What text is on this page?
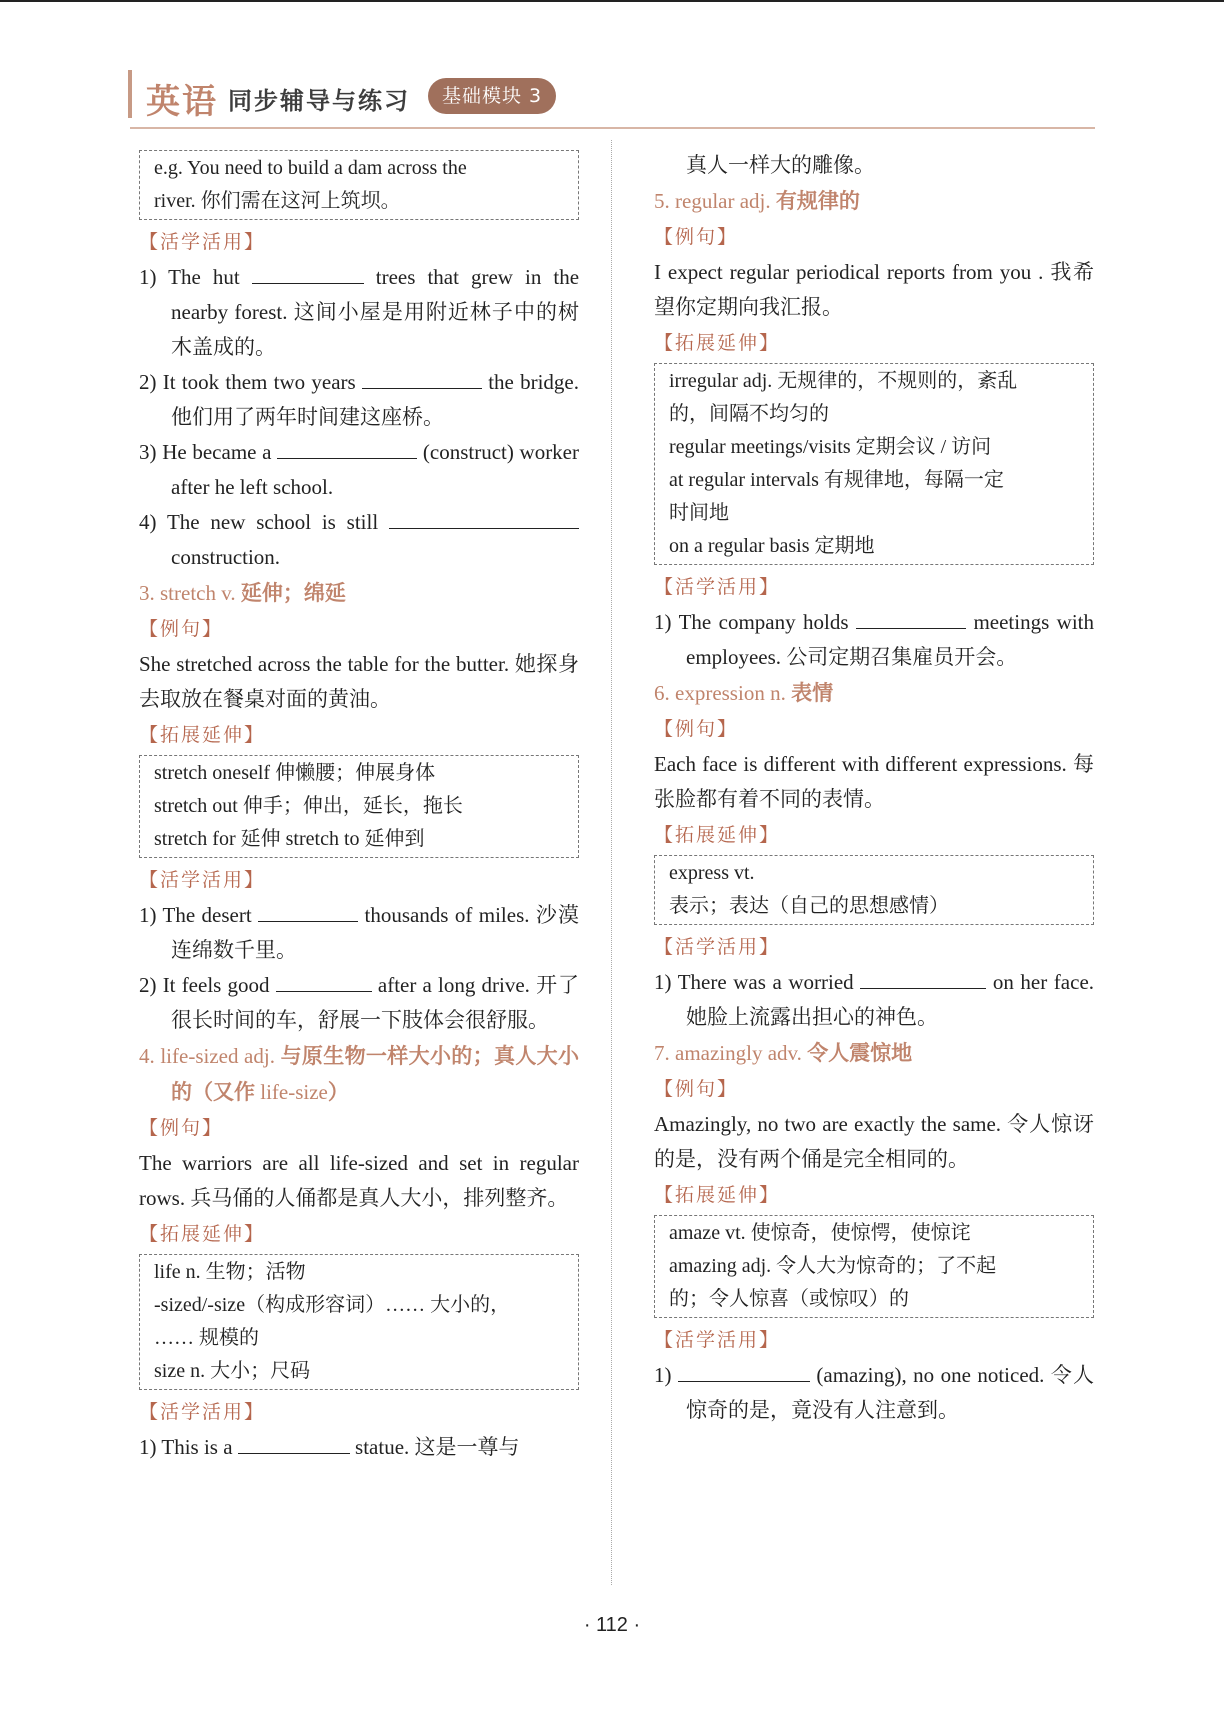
英语 同步辅导与练习	基础模块 3

e.g. You need to build a dam across the

river. 你们需在这河上筑坝。

【活学活用】

1) The hut	trees that grew in the nearby forest. 这间小屋是用附近林子中的树木盖成的。

2) It took them two years	the bridge. 他们用了两年时间建这座桥。

3) He became a	(construct) worker after he left school.

4) The new school is still  construction.

3. stretch v. 延伸；绵延

【例句】

She stretched across the table for the butter. 她探身去取放在餐桌对面的黄油。

【拓展延伸】

stretch oneself 伸懒腰；伸展身体

stretch out 伸手；伸出，延长，拖长

stretch for 延伸 stretch to 延伸到

【活学活用】

1) The desert	thousands of miles. 沙漠连绵数千里。

2) It feels good	after a long drive. 开了很长时间的车，舒展一下肢体会很舒服。

4. life-sized adj. 与原生物一样大小的；真人大小的（又作 life-size）

【例句】

The warriors are all life-sized and set in regular rows. 兵马俑的人俑都是真人大小，排列整齐。

【拓展延伸】

life n. 生物；活物

-sized/-size（构成形容词）…… 大小的，

…… 规模的

size n. 大小；尺码

【活学活用】

1) This is a	statue. 这是一尊与

真人一样大的雕像。

5. regular adj. 有规律的

【例句】

I expect regular periodical reports from you . 我希望你定期向我汇报。

【拓展延伸】

irregular adj. 无规律的，不规则的，紊乱

的，间隔不均匀的

regular meetings/visits 定期会议 / 访问

at regular intervals 有规律地，每隔一定

时间地

on a regular basis 定期地

【活学活用】

1) The company holds	meetings with employees. 公司定期召集雇员开会。

6. expression n. 表情

【例句】

Each face is different with different expressions. 每张脸都有着不同的表情。

【拓展延伸】

express vt.

表示；表达（自己的思想感情）

【活学活用】

1) There was a worried	on her face. 她脸上流露出担心的神色。

7. amazingly adv. 令人震惊地

【例句】

Amazingly, no two are exactly the same. 令人惊讶的是，没有两个俑是完全相同的。

【拓展延伸】

amaze vt. 使惊奇，使惊愕，使惊诧

amazing adj. 令人大为惊奇的；了不起

的；令人惊喜（或惊叹）的

【活学活用】

1)	(amazing), no one noticed. 令人惊奇的是，竟没有人注意到。

· 112 ·
